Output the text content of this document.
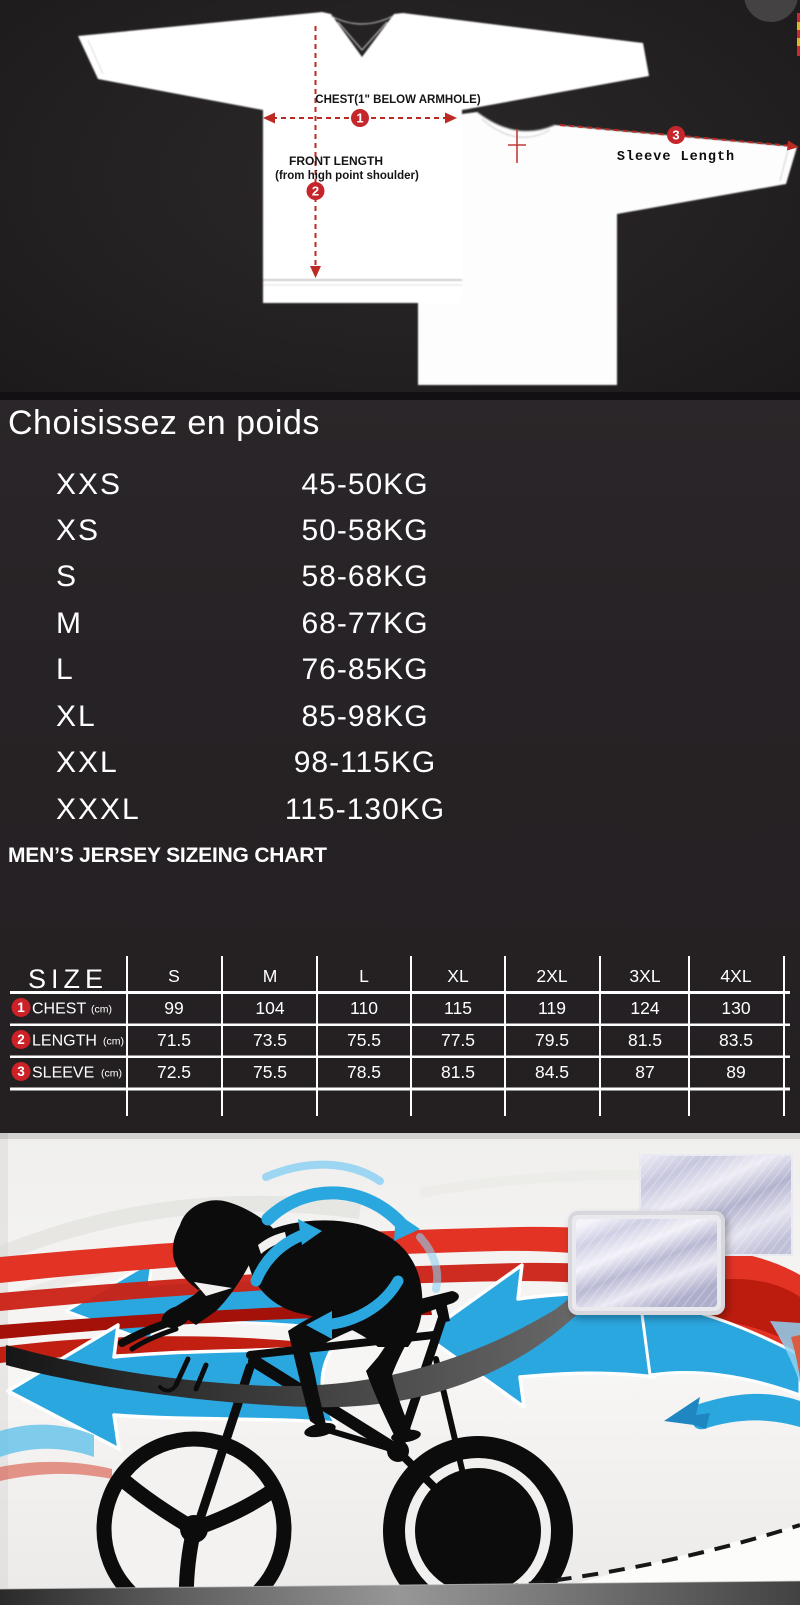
1
2
3
CHEST(1" BELOW ARMHOLE)
FRONT LENGTH
(from high point shoulder)
Sleeve Length
Choisissez en poids
XXS	45-50KG
XS	50-58KG
S	58-68KG
M	68-77KG
L	76-85KG
XL	85-98KG
XXL	98-115KG
XXXL	115-130KG
MEN’S JERSEY SIZEING CHART
SIZE	S	M	L	XL	2XL	3XL	4XL
1 CHEST (cm)	99	104	110	115	119	124	130
2 LENGTH (cm) 71.5	73.5	75.5	77.5	79.5	81.5	83.5
3 SLEEVE (cm) 72.5	75.5	78.5	81.5	84.5	87	89
